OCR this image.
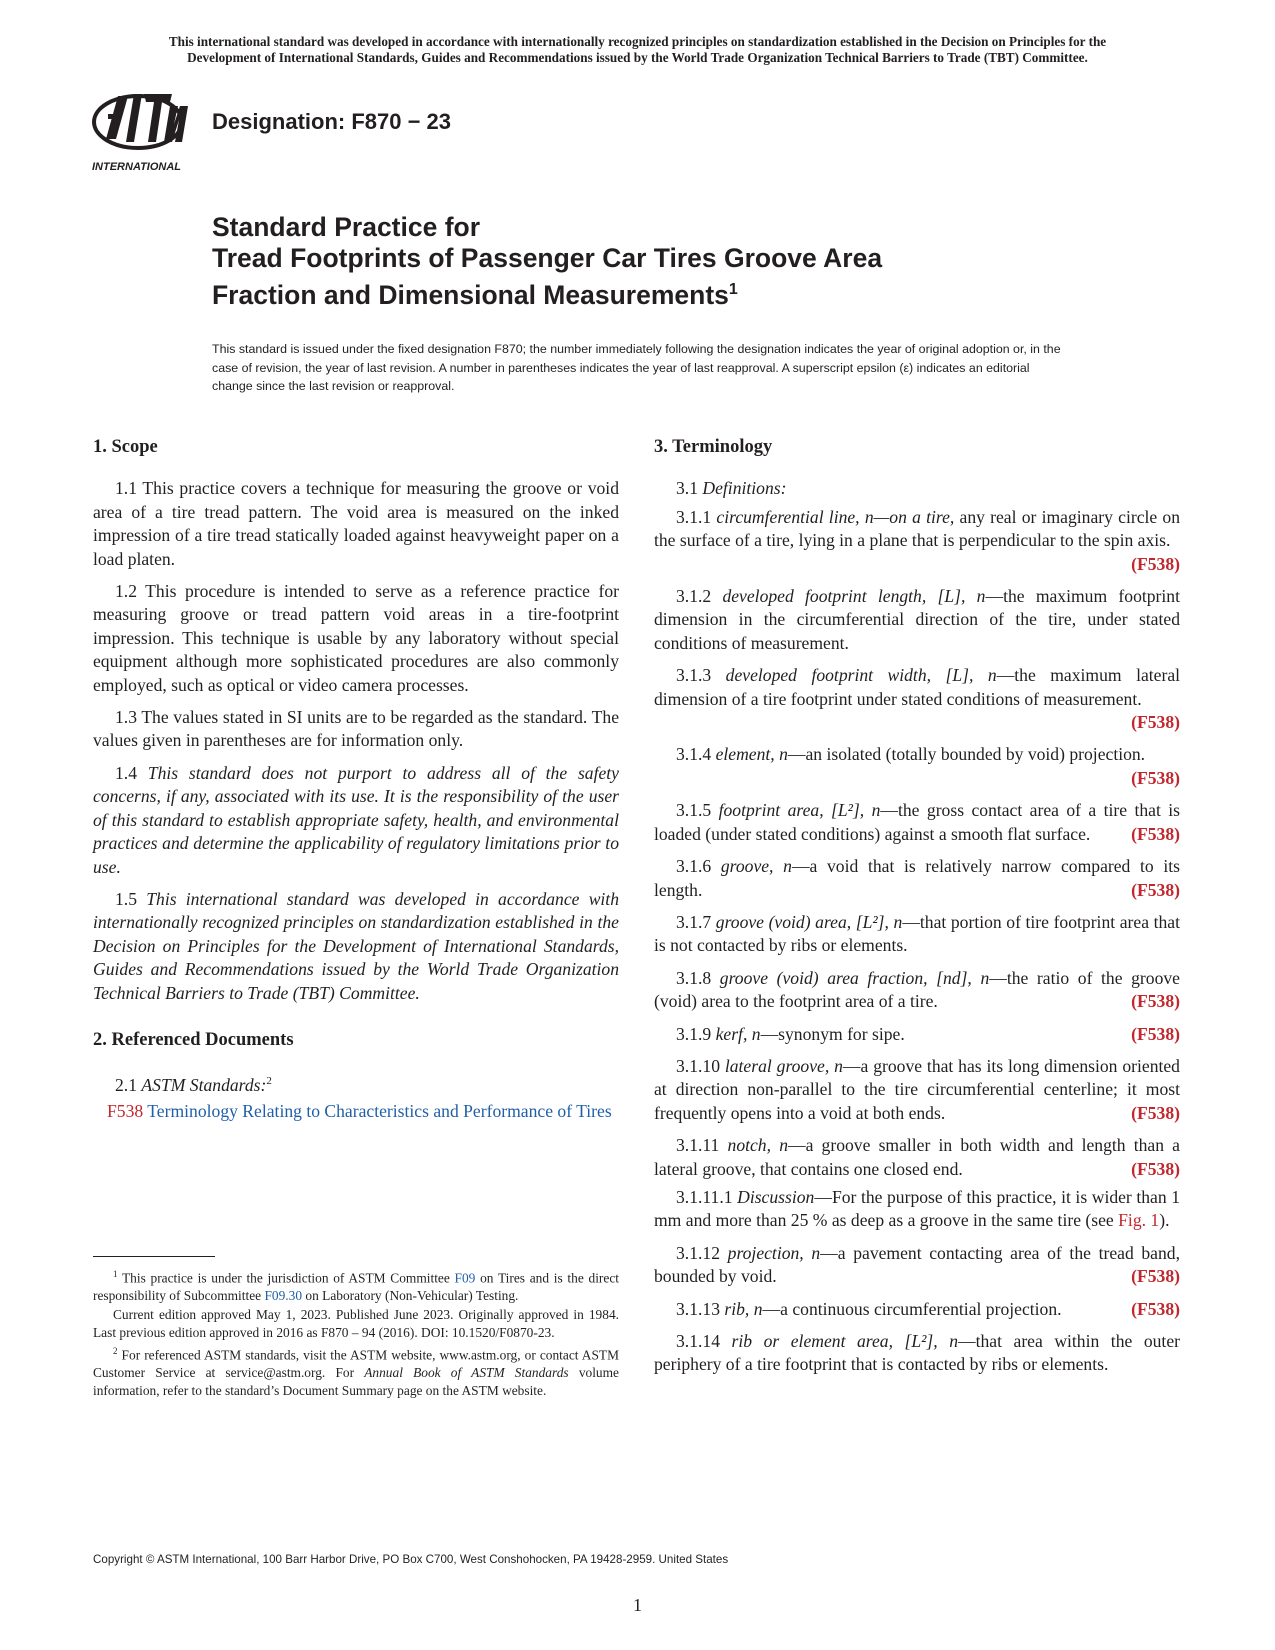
This international standard was developed in accordance with internationally recognized principles on standardization established in the Decision on Principles for the
Development of International Standards, Guides and Recommendations issued by the World Trade Organization Technical Barriers to Trade (TBT) Committee.
INTERNATIONAL
Designation: F870 − 23
Standard Practice for
Tread Footprints of Passenger Car Tires Groove Area
Fraction and Dimensional Measurements$^1$
This standard is issued under the fixed designation F870; the number immediately following the designation indicates the year of original adoption or, in the case of revision, the year of last revision. A number in parentheses indicates the year of last reapproval. A superscript epsilon (ε) indicates an editorial change since the last revision or reapproval.
1. Scope

1.1 This practice covers a technique for measuring the groove or void area of a tire tread pattern. The void area is measured on the inked impression of a tire tread statically loaded against heavyweight paper on a load platen.

1.2 This procedure is intended to serve as a reference practice for measuring groove or tread pattern void areas in a tire-footprint impression. This technique is usable by any laboratory without special equipment although more sophisticated procedures are also commonly employed, such as optical or video camera processes.

1.3 The values stated in SI units are to be regarded as the standard. The values given in parentheses are for information only.

1.4 This standard does not purport to address all of the safety concerns, if any, associated with its use. It is the responsibility of the user of this standard to establish appropriate safety, health, and environmental practices and determine the applicability of regulatory limitations prior to use.

1.5 This international standard was developed in accordance with internationally recognized principles on standardization established in the Decision on Principles for the Development of International Standards, Guides and Recommendations issued by the World Trade Organization Technical Barriers to Trade (TBT) Committee.

2. Referenced Documents

2.1 ASTM Standards:$^2$

F538 Terminology Relating to Characteristics and Performance of Tires
3. Terminology
3.1 Definitions:
3.1.1 circumferential line, n—on a tire, any real or imaginary circle on the surface of a tire, lying in a plane that is perpendicular to the spin axis.
(F538)
3.1.2 developed footprint length, [L], n—the maximum footprint dimension in the circumferential direction of the tire, under stated conditions of measurement.
3.1.3 developed footprint width, [L], n—the maximum lateral dimension of a tire footprint under stated conditions of measurement.
(F538)
3.1.4 element, n—an isolated (totally bounded by void) projection.
(F538)
3.1.5 footprint area, [L²], n—the gross contact area of a tire that is loaded (under stated conditions) against a smooth flat surface.	(F538)
3.1.6 groove, n—a void that is relatively narrow compared to its length.	(F538)
3.1.7 groove (void) area, [L²], n—that portion of tire footprint area that is not contacted by ribs or elements.
3.1.8 groove (void) area fraction, [nd], n—the ratio of the groove (void) area to the footprint area of a tire.	(F538)
3.1.9 kerf, n—synonym for sipe.	(F538)
3.1.10 lateral groove, n—a groove that has its long dimension oriented at direction non-parallel to the tire circumferential centerline; it most frequently opens into a void at both ends.	(F538)
3.1.11 notch, n—a groove smaller in both width and length than a lateral groove, that contains one closed end.	(F538)
3.1.11.1 Discussion—For the purpose of this practice, it is wider than 1 mm and more than 25 % as deep as a groove in the same tire (see Fig. 1).
3.1.12 projection, n—a pavement contacting area of the tread band, bounded by void.	(F538)
3.1.13 rib, n—a continuous circumferential projection.	(F538)
3.1.14 rib or element area, [L²], n—that area within the outer periphery of a tire footprint that is contacted by ribs or elements.

$^1$ This practice is under the jurisdiction of ASTM Committee F09 on Tires and is the direct responsibility of Subcommittee F09.30 on Laboratory (Non-Vehicular) Testing.

Current edition approved May 1, 2023. Published June 2023. Originally approved in 1984. Last previous edition approved in 2016 as F870 – 94 (2016). DOI: 10.1520/F0870-23.

$^2$ For referenced ASTM standards, visit the ASTM website, www.astm.org, or contact ASTM Customer Service at service@astm.org. For Annual Book of ASTM Standards volume information, refer to the standard’s Document Summary page on the ASTM website.

Copyright © ASTM International, 100 Barr Harbor Drive, PO Box C700, West Conshohocken, PA 19428-2959. United States
1
